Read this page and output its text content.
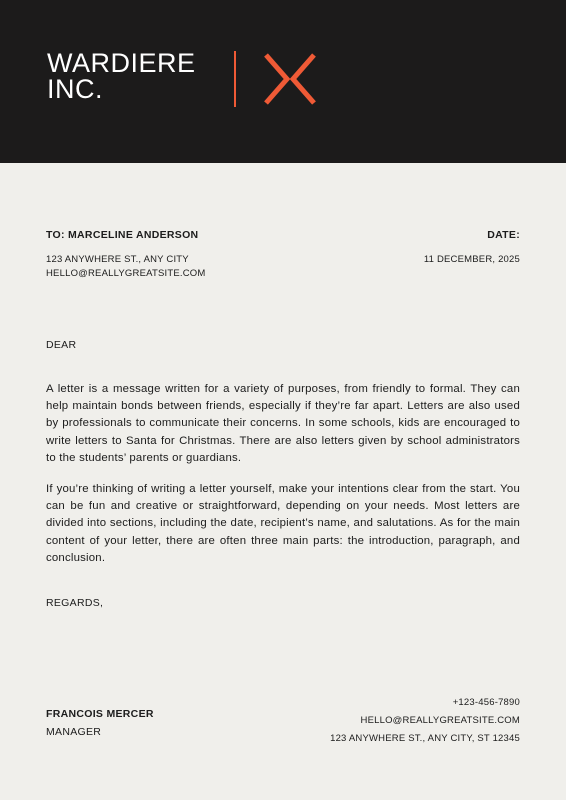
WARDIERE
INC.
TO: MARCELINE ANDERSON
123 ANYWHERE ST., ANY CITY
HELLO@REALLYGREATSITE.COM
DATE:
11 DECEMBER, 2025
DEAR

A letter is a message written for a variety of purposes, from friendly to formal. They can help maintain bonds between friends, especially if they’re far apart. Letters are also used by professionals to communicate their concerns. In some schools, kids are encouraged to write letters to Santa for Christmas. There are also letters given by school administrators to the students’ parents or guardians.

If you’re thinking of writing a letter yourself, make your intentions clear from the start. You can be fun and creative or straightforward, depending on your needs. Most letters are divided into sections, including the date, recipient’s name, and salutations. As for the main content of your letter, there are often three main parts: the introduction, paragraph, and conclusion.

REGARDS,
FRANCOIS MERCER
MANAGER
+123-456-7890
HELLO@REALLYGREATSITE.COM
123 ANYWHERE ST., ANY CITY, ST 12345
